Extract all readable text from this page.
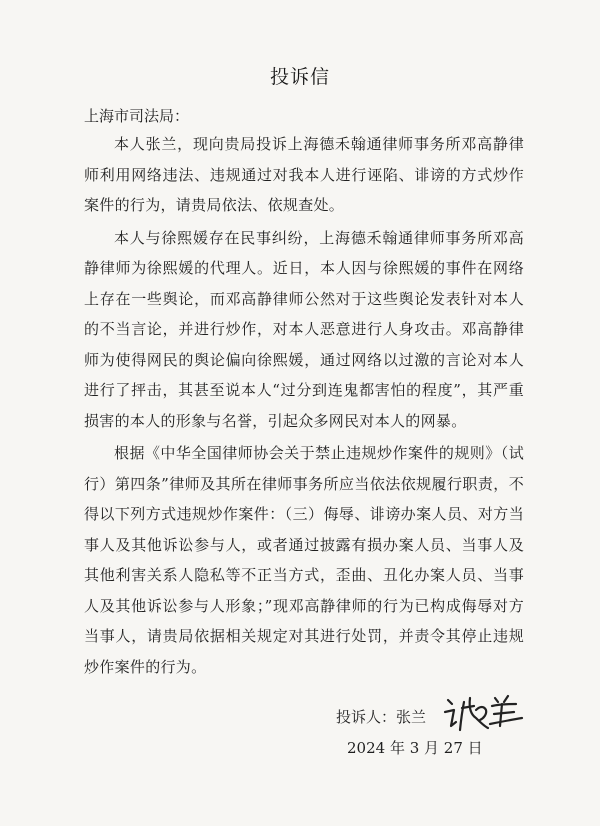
投诉信
上海市司法局：

本人张兰，现向贵局投诉上海德禾翰通律师事务所邓高静律师利用网络违法、违规通过对我本人进行诬陷、诽谤的方式炒作案件的行为，请贵局依法、依规查处。

本人与徐熙媛存在民事纠纷，上海德禾翰通律师事务所邓高静律师为徐熙媛的代理人。近日，本人因与徐熙媛的事件在网络上存在一些舆论，而邓高静律师公然对于这些舆论发表针对本人的不当言论，并进行炒作，对本人恶意进行人身攻击。邓高静律师为使得网民的舆论偏向徐熙媛，通过网络以过激的言论对本人进行了抨击，其甚至说本人“过分到连鬼都害怕的程度”，其严重损害的本人的形象与名誉，引起众多网民对本人的网暴。

根据《中华全国律师协会关于禁止违规炒作案件的规则》（试行）第四条”律师及其所在律师事务所应当依法依规履行职责，不得以下列方式违规炒作案件：（三）侮辱、诽谤办案人员、对方当事人及其他诉讼参与人，或者通过披露有损办案人员、当事人及其他利害关系人隐私等不正当方式，歪曲、丑化办案人员、当事人及其他诉讼参与人形象；”现邓高静律师的行为已构成侮辱对方当事人，请贵局依据相关规定对其进行处罚，并责令其停止违规炒作案件的行为。

投诉人：张兰
2024 年 3 月 27 日
